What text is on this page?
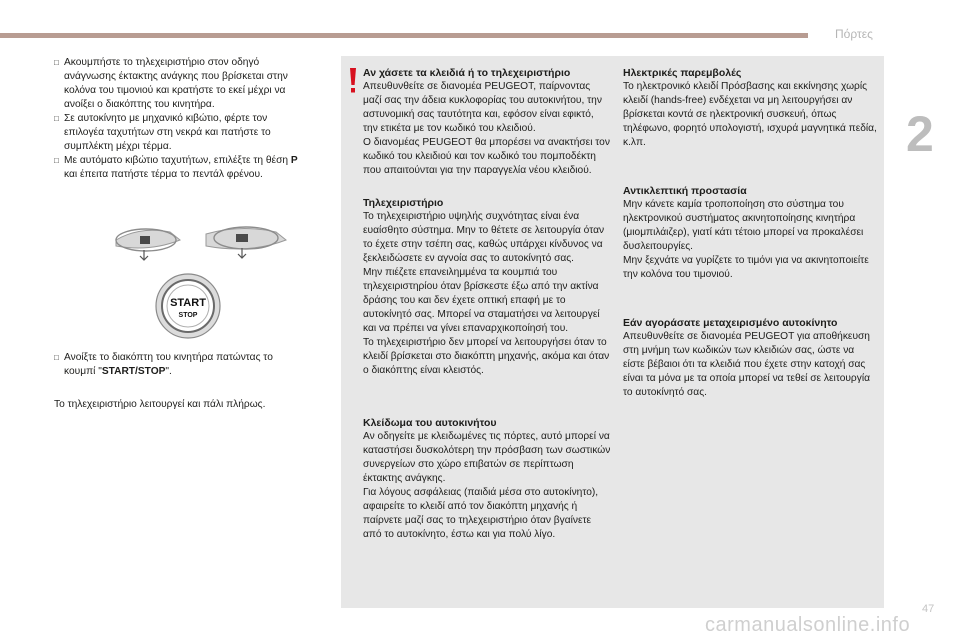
Πόρτες
2
□ Ακουμπήστε το τηλεχειριστήριο στον οδηγό ανάγνωσης έκτακτης ανάγκης που βρίσκεται στην κολόνα του τιμονιού και κρατήστε το εκεί μέχρι να ανοίξει ο διακόπτης του κινητήρα.
□ Σε αυτοκίνητο με μηχανικό κιβώτιο, φέρτε τον επιλογέα ταχυτήτων στη νεκρά και πατήστε το συμπλέκτη μέχρι τέρμα.
□ Με αυτόματο κιβώτιο ταχυτήτων, επιλέξτε τη θέση P και έπειτα πατήστε τέρμα το πεντάλ φρένου.
START
STOP
□ Ανοίξτε το διακόπτη του κινητήρα πατώντας το κουμπί "START/STOP".
Το τηλεχειριστήριο λειτουργεί και πάλι πλήρως.
Αν χάσετε τα κλειδιά ή το τηλεχειριστήριο

Απευθυνθείτε σε διανομέα PEUGEOT, παίρνοντας μαζί σας την άδεια κυκλοφορίας του αυτοκινήτου, την αστυνομική σας ταυτότητα και, εφόσον είναι εφικτό, την ετικέτα με τον κωδικό του κλειδιού.
Ο διανομέας PEUGEOT θα μπορέσει να ανακτήσει τον κωδικό του κλειδιού και τον κωδικό του πομποδέκτη που απαιτούνται για την παραγγελία νέου κλειδιού.

Τηλεχειριστήριο

Το τηλεχειριστήριο υψηλής συχνότητας είναι ένα ευαίσθητο σύστημα. Μην το θέτετε σε λειτουργία όταν το έχετε στην τσέπη σας, καθώς υπάρχει κίνδυνος να ξεκλειδώσετε εν αγνοία σας το αυτοκίνητό σας.
Μην πιέζετε επανειλημμένα τα κουμπιά του τηλεχειριστηρίου όταν βρίσκεστε έξω από την ακτίνα δράσης του και δεν έχετε οπτική επαφή με το αυτοκίνητό σας. Μπορεί να σταματήσει να λειτουργεί και να πρέπει να γίνει επαναρχικοποίησή του.
Το τηλεχειριστήριο δεν μπορεί να λειτουργήσει όταν το κλειδί βρίσκεται στο διακόπτη μηχανής, ακόμα και όταν ο διακόπτης είναι κλειστός.

Κλείδωμα του αυτοκινήτου

Αν οδηγείτε με κλειδωμένες τις πόρτες, αυτό μπορεί να καταστήσει δυσκολότερη την πρόσβαση των σωστικών συνεργείων στο χώρο επιβατών σε περίπτωση έκτακτης ανάγκης.
Για λόγους ασφάλειας (παιδιά μέσα στο αυτοκίνητο), αφαιρείτε το κλειδί από τον διακόπτη μηχανής ή παίρνετε μαζί σας το τηλεχειριστήριο όταν βγαίνετε από το αυτοκίνητο, έστω και για πολύ λίγο.

Ηλεκτρικές παρεμβολές

Το ηλεκτρονικό κλειδί Πρόσβασης και εκκίνησης χωρίς κλειδί (hands-free) ενδέχεται να μη λειτουργήσει αν βρίσκεται κοντά σε ηλεκτρονική συσκευή, όπως τηλέφωνο, φορητό υπολογιστή, ισχυρά μαγνητικά πεδία, κ.λπ.

Αντικλεπτική προστασία

Μην κάνετε καμία τροποποίηση στο σύστημα του ηλεκτρονικού συστήματος ακινητοποίησης κινητήρα (μιομπιλάιζερ), γιατί κάτι τέτοιο μπορεί να προκαλέσει δυσλειτουργίες.
Μην ξεχνάτε να γυρίζετε το τιμόνι για να ακινητοποιείτε την κολόνα του τιμονιού.

Εάν αγοράσατε μεταχειρισμένο αυτοκίνητο

Απευθυνθείτε σε διανομέα PEUGEOT για αποθήκευση στη μνήμη των κωδικών των κλειδιών σας, ώστε να είστε βέβαιοι ότι τα κλειδιά που έχετε στην κατοχή σας είναι τα μόνα με τα οποία μπορεί να τεθεί σε λειτουργία το αυτοκίνητό σας.

carmanualsonline.info
47
